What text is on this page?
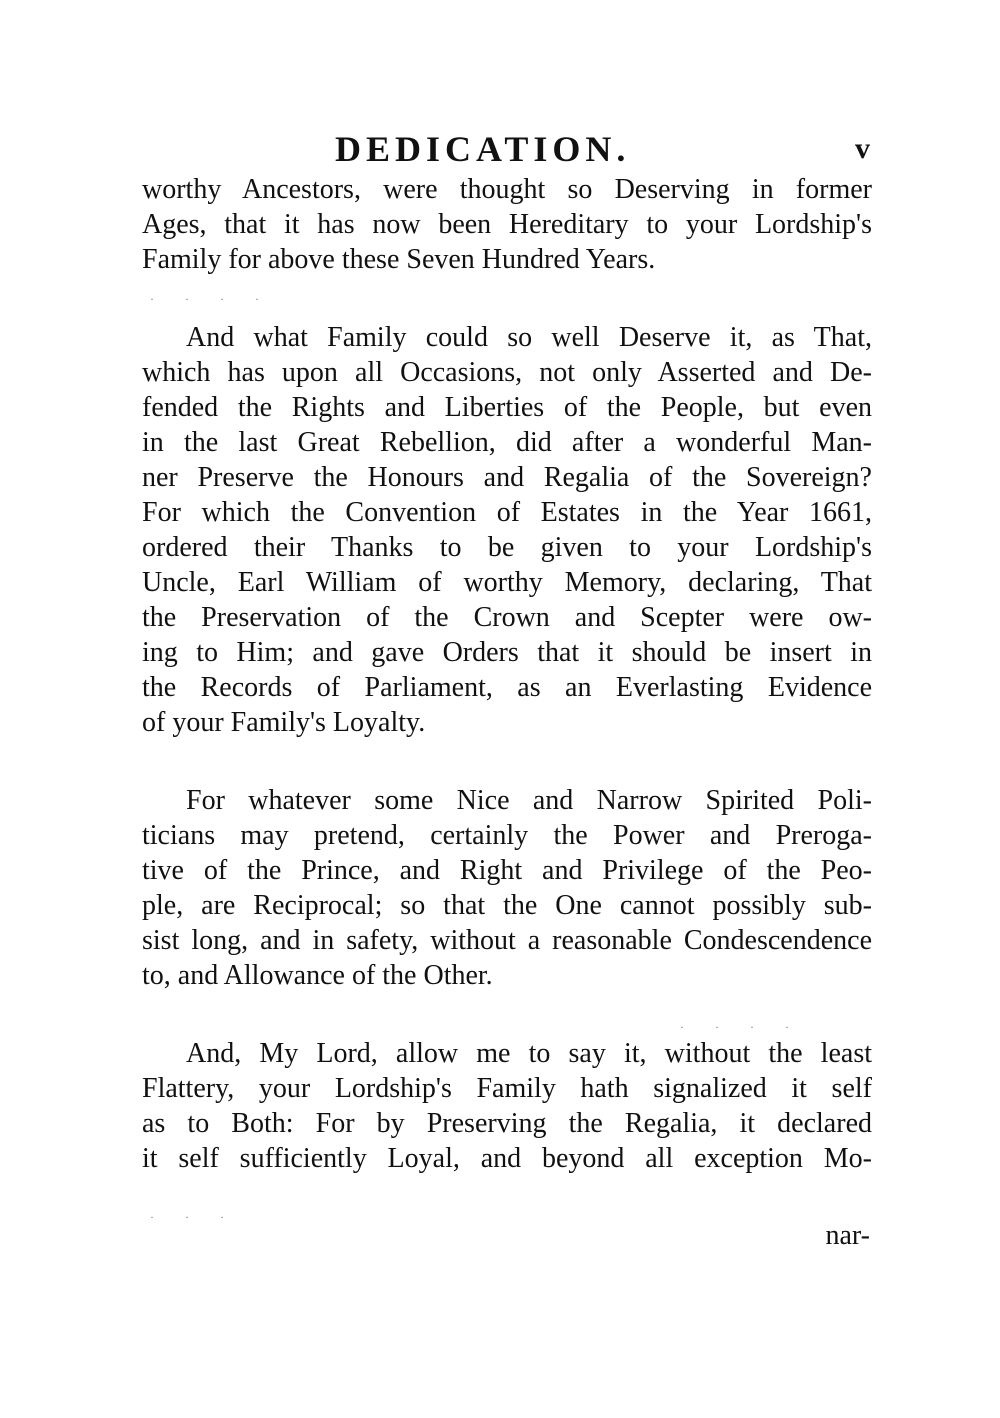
DEDICATION.	v
worthy Ancestors, were thought so Deserving in former
Ages, that it has now been Hereditary to your Lordship's
Family for above these Seven Hundred Years.
And what Family could so well Deserve it, as That,
which has upon all Occasions, not only Asserted and De-
fended the Rights and Liberties of the People, but even
in the last Great Rebellion, did after a wonderful Man-
ner Preserve the Honours and Regalia of the Sovereign?
For which the Convention of Estates in the Year 1661,
ordered their Thanks to be given to your Lordship's
Uncle, Earl William of worthy Memory, declaring, That
the Preservation of the Crown and Scepter were ow-
ing to Him; and gave Orders that it should be insert in
the Records of Parliament, as an Everlasting Evidence
of your Family's Loyalty.
For whatever some Nice and Narrow Spirited Poli-
ticians may pretend, certainly the Power and Preroga-
tive of the Prince, and Right and Privilege of the Peo-
ple, are Reciprocal; so that the One cannot possibly sub-
sist long, and in safety, without a reasonable Condescendence
to, and Allowance of the Other.
And, My Lord, allow me to say it, without the least
Flattery, your Lordship's Family hath signalized it self
as to Both: For by Preserving the Regalia, it declared
it self sufficiently Loyal, and beyond all exception Mo-
nar-
· · · ·
· · ·
· · · ·
